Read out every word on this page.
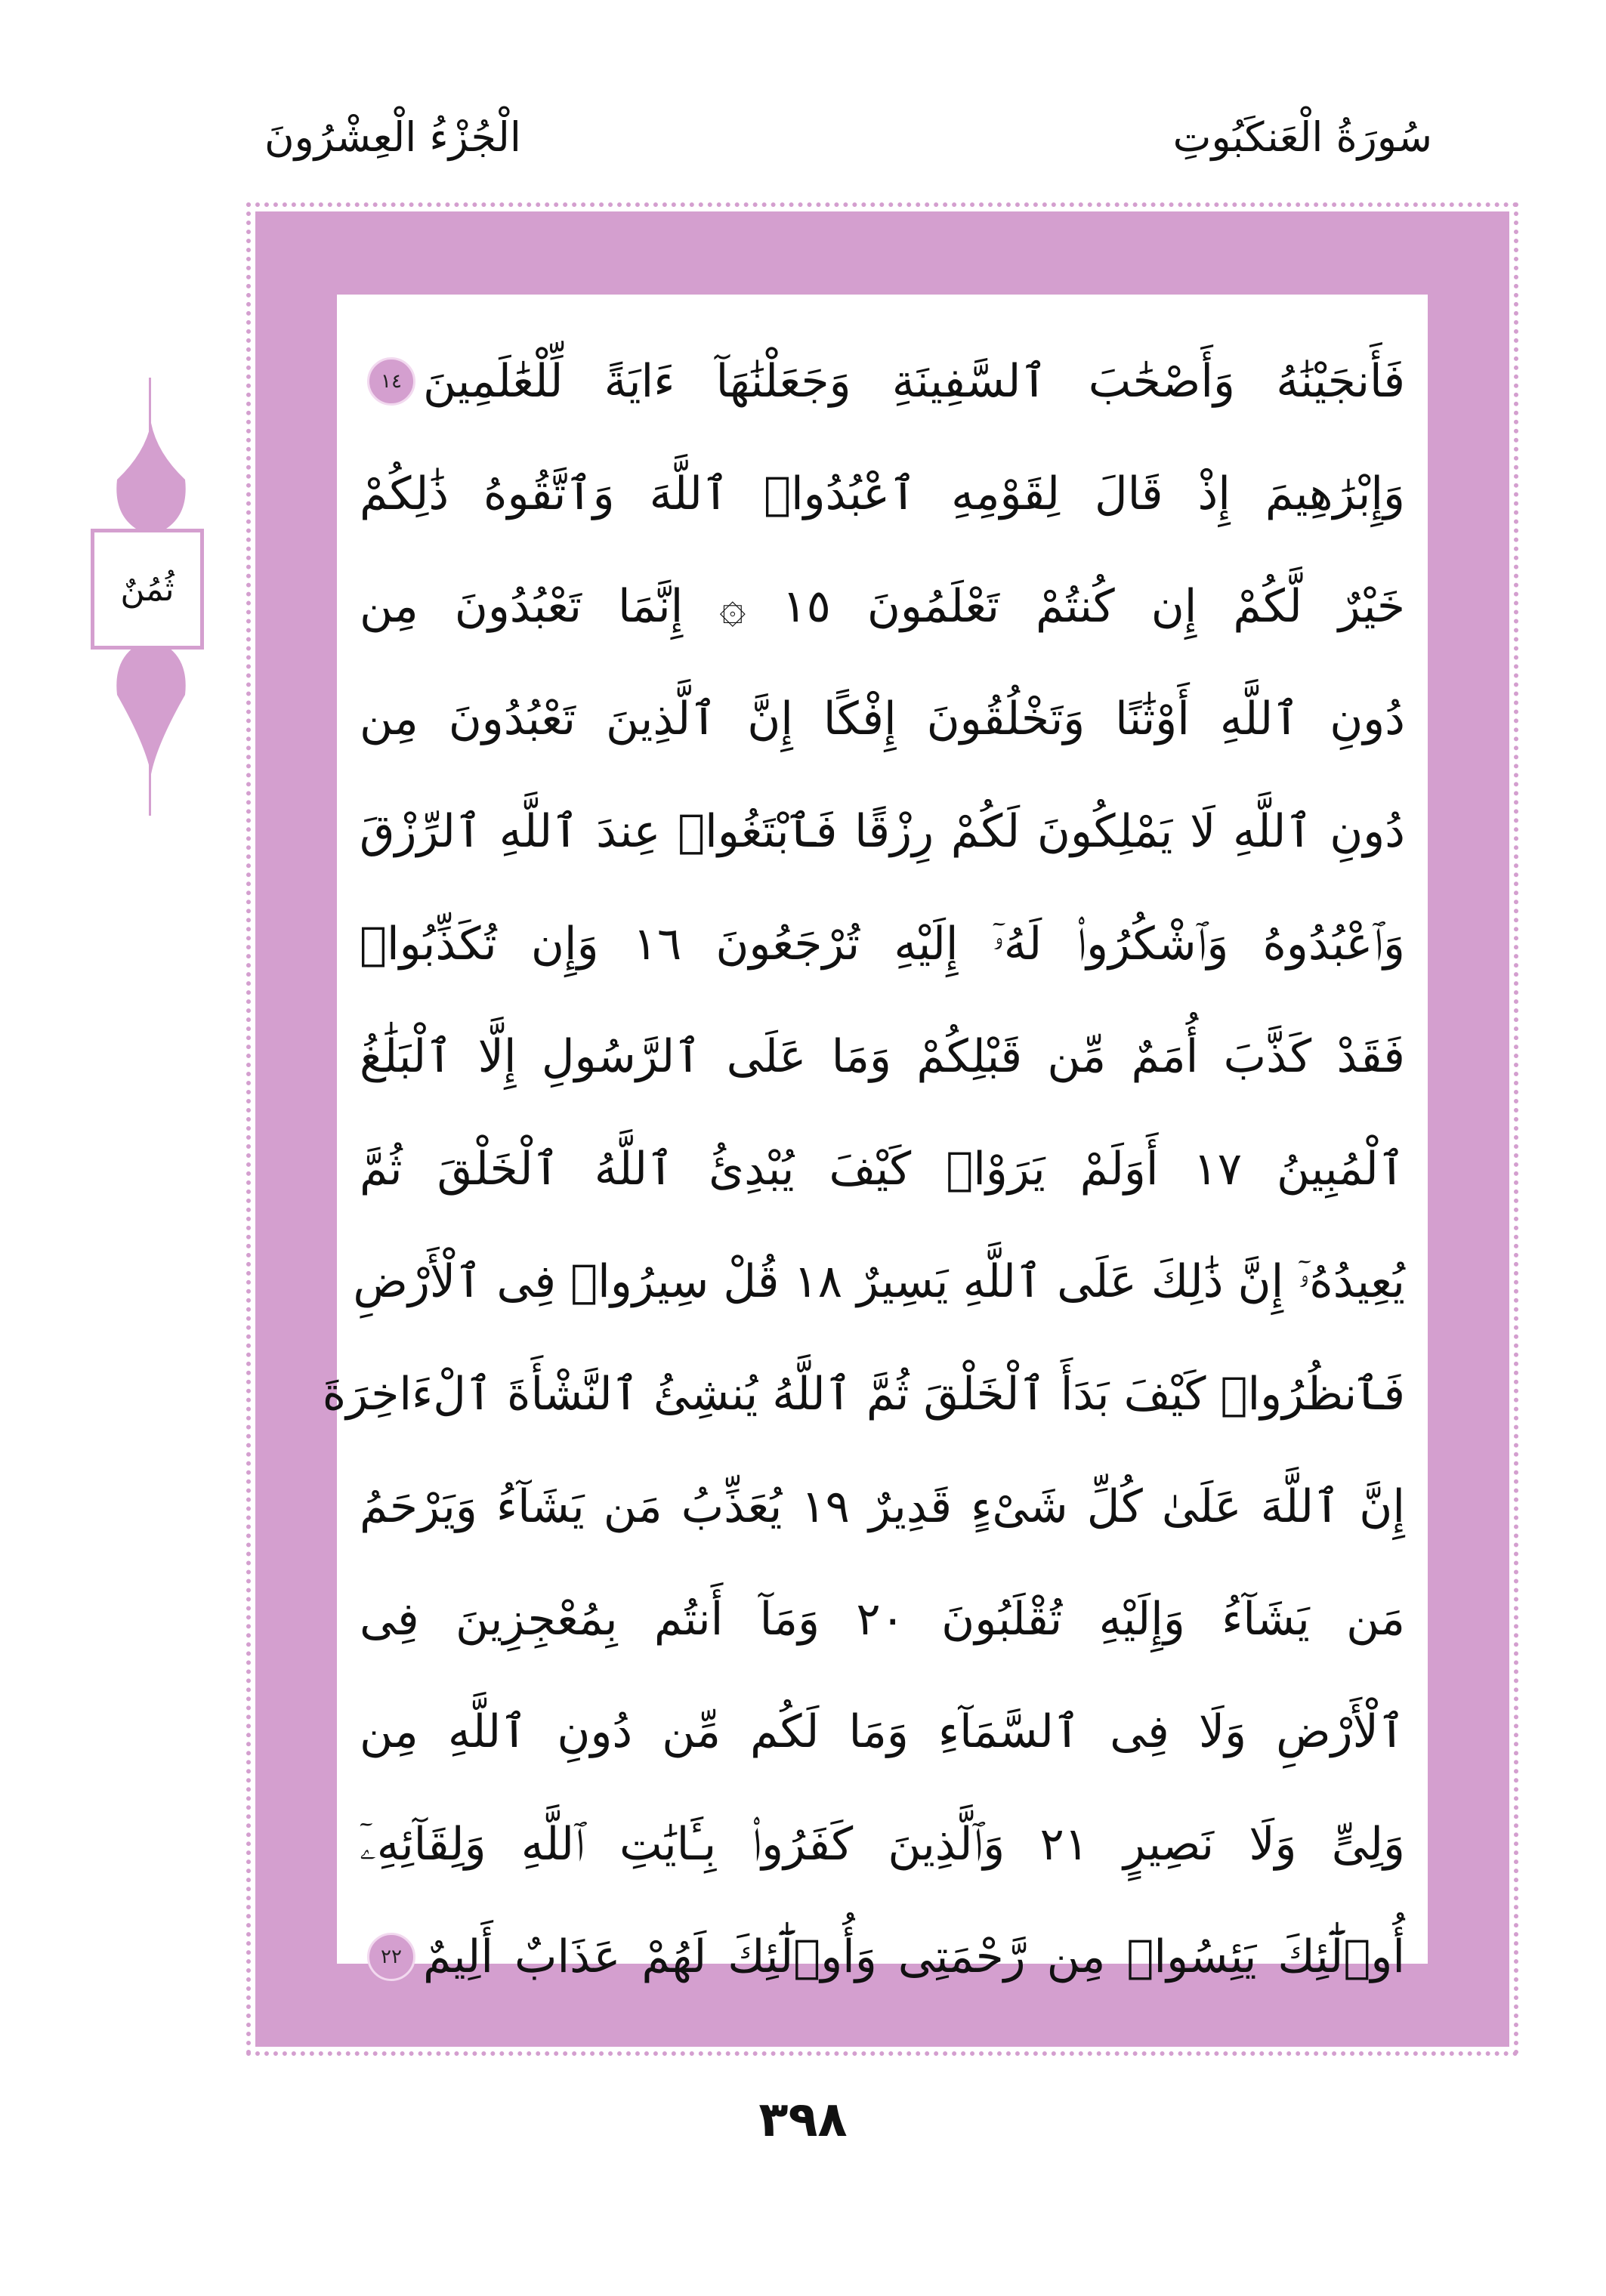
سُورَةُ الْعَنكَبُوتِ
الْجُزْءُ الْعِشْرُونَ
فَأَنجَيْنَٰهُ وَأَصْحَٰبَ ٱلسَّفِينَةِ وَجَعَلْنَٰهَآ ءَايَةً لِّلْعَٰلَمِينَ
١٤
وَإِبْرَٰهِيمَ إِذْ قَالَ لِقَوْمِهِ ٱعْبُدُوا۟ ٱللَّهَ وَٱتَّقُوهُ ذَٰلِكُمْ
خَيْرٌ لَّكُمْ إِن كُنتُمْ تَعْلَمُونَ ١٥ ۞ إِنَّمَا تَعْبُدُونَ مِن
دُونِ ٱللَّهِ أَوْثَٰنًا وَتَخْلُقُونَ إِفْكًا إِنَّ ٱلَّذِينَ تَعْبُدُونَ مِن
دُونِ ٱللَّهِ لَا يَمْلِكُونَ لَكُمْ رِزْقًا فَٱبْتَغُوا۟ عِندَ ٱللَّهِ ٱلرِّزْقَ
وَٱعْبُدُوهُ وَٱشْكُرُوا۟ لَهُۥٓ إِلَيْهِ تُرْجَعُونَ ١٦ وَإِن تُكَذِّبُوا۟
فَقَدْ كَذَّبَ أُمَمٌ مِّن قَبْلِكُمْ وَمَا عَلَى ٱلرَّسُولِ إِلَّا ٱلْبَلَٰغُ
ٱلْمُبِينُ ١٧ أَوَلَمْ يَرَوْا۟ كَيْفَ يُبْدِئُ ٱللَّهُ ٱلْخَلْقَ ثُمَّ
يُعِيدُهُۥٓ إِنَّ ذَٰلِكَ عَلَى ٱللَّهِ يَسِيرٌ ١٨ قُلْ سِيرُوا۟ فِى ٱلْأَرْضِ
فَٱنظُرُوا۟ كَيْفَ بَدَأَ ٱلْخَلْقَ ثُمَّ ٱللَّهُ يُنشِئُ ٱلنَّشْأَةَ ٱلْءَاخِرَةَ
إِنَّ ٱللَّهَ عَلَىٰ كُلِّ شَىْءٍ قَدِيرٌ ١٩ يُعَذِّبُ مَن يَشَآءُ وَيَرْحَمُ
مَن يَشَآءُ وَإِلَيْهِ تُقْلَبُونَ ٢٠ وَمَآ أَنتُم بِمُعْجِزِينَ فِى
ٱلْأَرْضِ وَلَا فِى ٱلسَّمَآءِ وَمَا لَكُم مِّن دُونِ ٱللَّهِ مِن
وَلِىٍّ وَلَا نَصِيرٍ ٢١ وَٱلَّذِينَ كَفَرُوا۟ بِـَٔايَٰتِ ٱللَّهِ وَلِقَآئِهِۦٓ
أُو۟لَٰٓئِكَ يَئِسُوا۟ مِن رَّحْمَتِى وَأُو۟لَٰٓئِكَ لَهُمْ عَذَابٌ أَلِيمٌ
٢٢
ثُمُنٌ
٣٩٨
